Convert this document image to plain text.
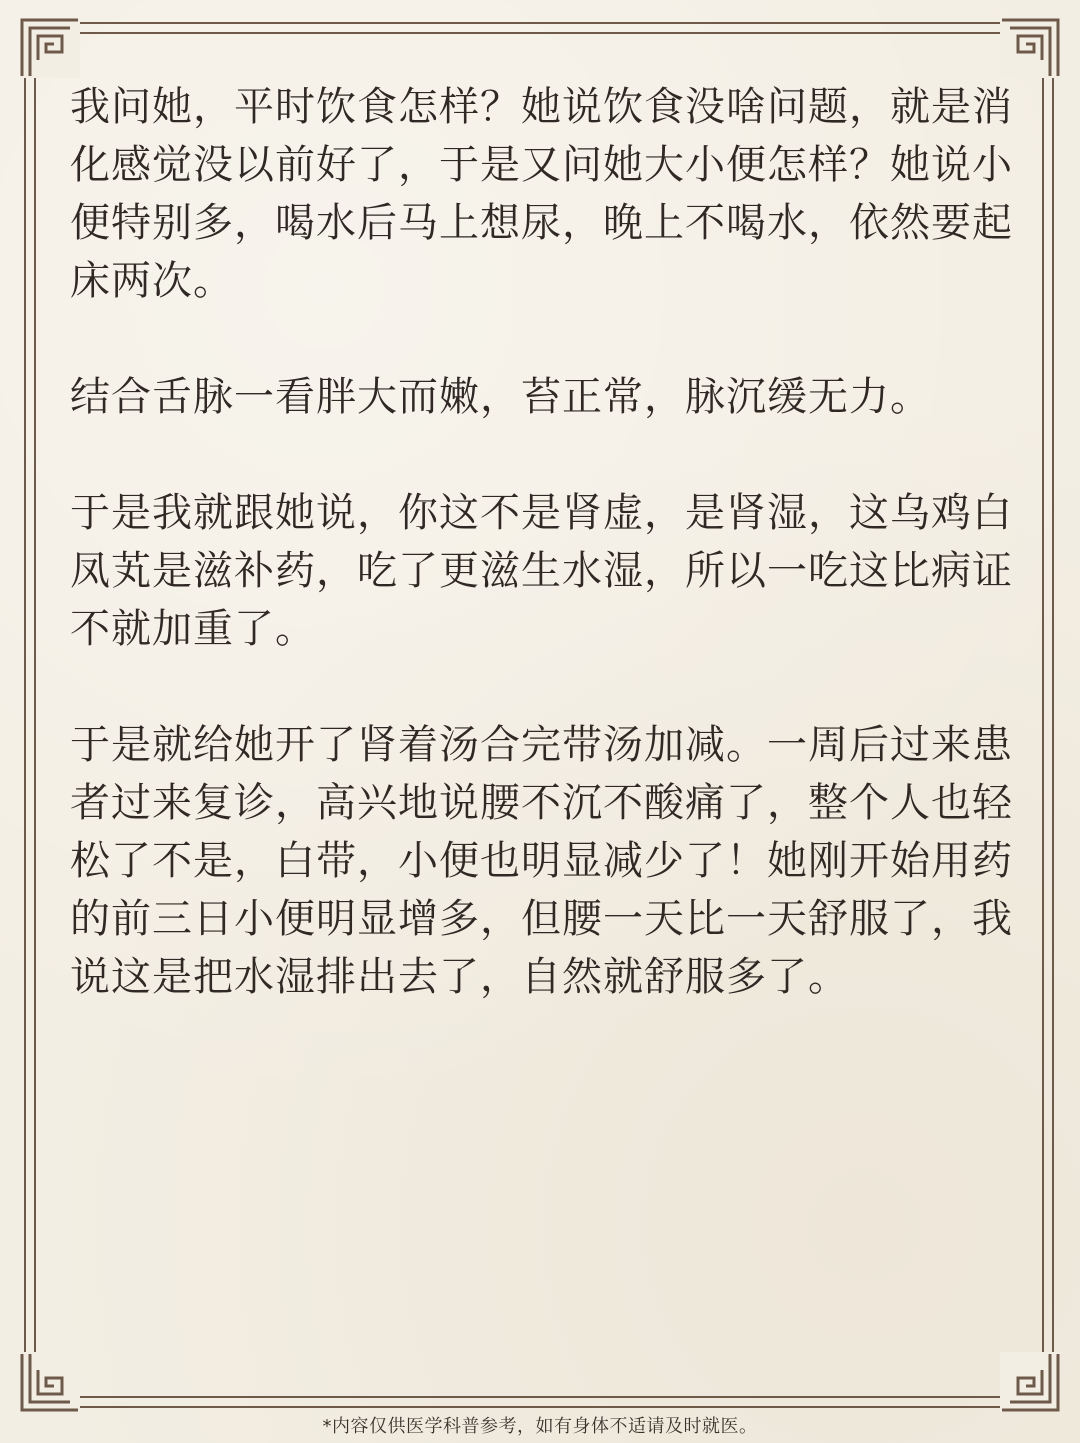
我问她，平时饮食怎样？她说饮食没啥问题，就是消化感觉没以前好了，于是又问她大小便怎样？她说小便特别多，喝水后马上想尿，晚上不喝水，依然要起床两次。

结合舌脉一看胖大而嫩，苔正常，脉沉缓无力。

于是我就跟她说，你这不是肾虚，是肾湿，这乌鸡白凤芄是滋补药，吃了更滋生水湿，所以一吃这比病证不就加重了。

于是就给她开了肾着汤合完带汤加减。一周后过来患者过来复诊，高兴地说腰不沉不酸痛了，整个人也轻松了不是，白带，小便也明显减少了！她刚开始用药的前三日小便明显增多，但腰一天比一天舒服了，我说这是把水湿排出去了，自然就舒服多了。

*内容仅供医学科普参考，如有身体不适请及时就医。
